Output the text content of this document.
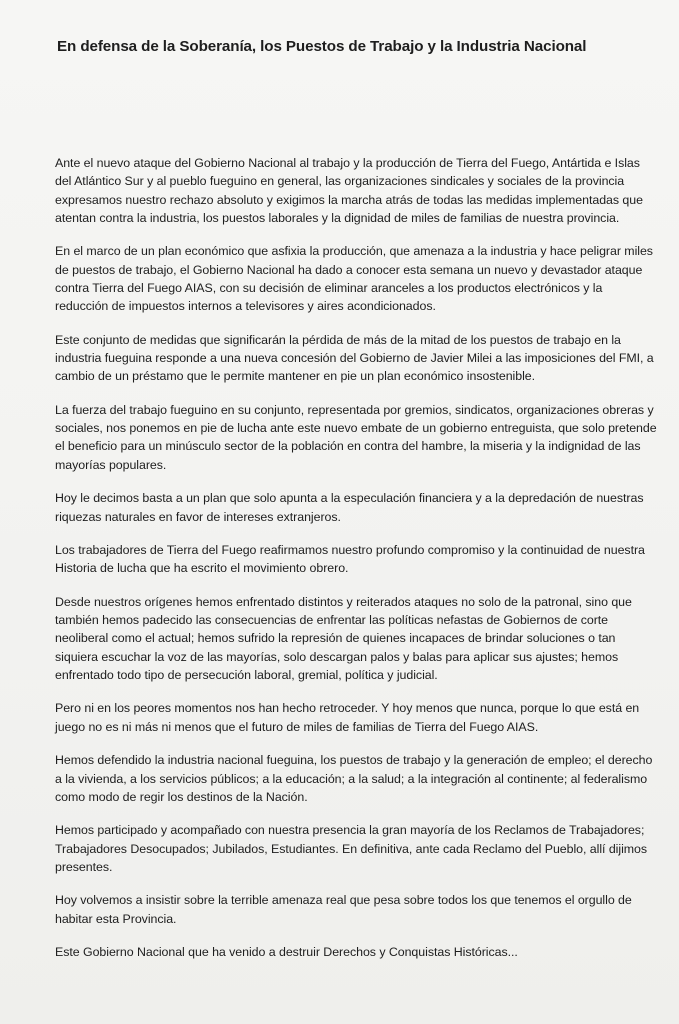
En defensa de la Soberanía, los Puestos de Trabajo y la Industria Nacional

Ante el nuevo ataque del Gobierno Nacional al trabajo y la producción de Tierra del Fuego, Antártida e Islas del Atlántico Sur y al pueblo fueguino en general, las organizaciones sindicales y sociales de la provincia expresamos nuestro rechazo absoluto y exigimos la marcha atrás de todas las medidas implementadas que atentan contra la industria, los puestos laborales y la dignidad de miles de familias de nuestra provincia.

En el marco de un plan económico que asfixia la producción, que amenaza a la industria y hace peligrar miles de puestos de trabajo, el Gobierno Nacional ha dado a conocer esta semana un nuevo y devastador ataque contra Tierra del Fuego AIAS, con su decisión de eliminar aranceles a los productos electrónicos y la reducción de impuestos internos a televisores y aires acondicionados.

Este conjunto de medidas que significarán la pérdida de más de la mitad de los puestos de trabajo en la industria fueguina responde a una nueva concesión del Gobierno de Javier Milei a las imposiciones del FMI, a cambio de un préstamo que le permite mantener en pie un plan económico insostenible.

La fuerza del trabajo fueguino en su conjunto, representada por gremios, sindicatos, organizaciones obreras y sociales, nos ponemos en pie de lucha ante este nuevo embate de un gobierno entreguista, que solo pretende el beneficio para un minúsculo sector de la población en contra del hambre, la miseria y la indignidad de las mayorías populares.

Hoy le decimos basta a un plan que solo apunta a la especulación financiera y a la depredación de nuestras riquezas naturales en favor de intereses extranjeros.

Los trabajadores de Tierra del Fuego reafirmamos nuestro profundo compromiso y la continuidad de nuestra Historia de lucha que ha escrito el movimiento obrero.

Desde nuestros orígenes hemos enfrentado distintos y reiterados ataques no solo de la patronal, sino que también hemos padecido las consecuencias de enfrentar las políticas nefastas de Gobiernos de corte neoliberal como el actual; hemos sufrido la represión de quienes incapaces de brindar soluciones o tan siquiera escuchar la voz de las mayorías, solo descargan palos y balas para aplicar sus ajustes; hemos enfrentado todo tipo de persecución laboral, gremial, política y judicial.

Pero ni en los peores momentos nos han hecho retroceder. Y hoy menos que nunca, porque lo que está en juego no es ni más ni menos que el futuro de miles de familias de Tierra del Fuego AIAS.

Hemos defendido la industria nacional fueguina, los puestos de trabajo y la generación de empleo; el derecho a la vivienda, a los servicios públicos; a la educación; a la salud; a la integración al continente; al federalismo como modo de regir los destinos de la Nación.

Hemos participado y acompañado con nuestra presencia la gran mayoría de los Reclamos de Trabajadores; Trabajadores Desocupados; Jubilados, Estudiantes. En definitiva, ante cada Reclamo del Pueblo, allí dijimos presentes.

Hoy volvemos a insistir sobre la terrible amenaza real que pesa sobre todos los que tenemos el orgullo de habitar esta Provincia.

Este Gobierno Nacional que ha venido a destruir Derechos y Conquistas Históricas...
